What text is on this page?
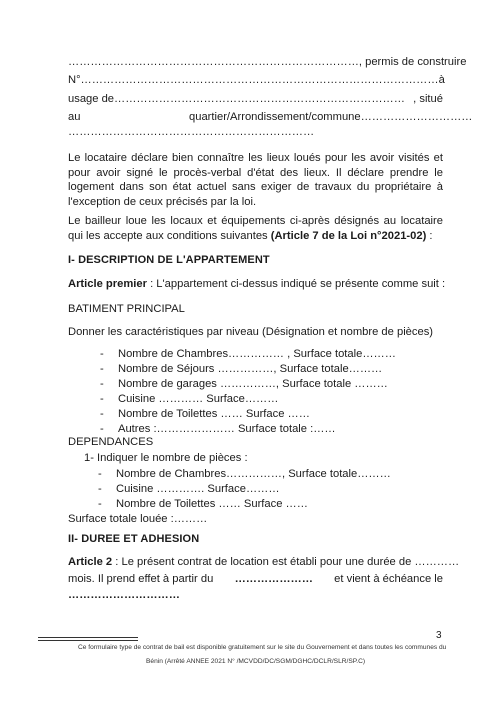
……………………………………………………………………, permis de construire
N°…………………………………………………………………………………… à
usage de…………………………………………………………………… , situé
au	quartier/Arrondissement/commune…………………………
…………………………………………………………
Le locataire déclare bien connaître les lieux loués pour les avoir visités et pour avoir signé le procès-verbal d'état des lieux. Il déclare prendre le logement dans son état actuel sans exiger de travaux du propriétaire à l'exception de ceux précisés par la loi.
Le bailleur loue les locaux et équipements ci-après désignés au locataire qui les accepte aux conditions suivantes (Article 7 de la Loi n°2021-02) :
I- DESCRIPTION DE L'APPARTEMENT
Article premier : L'appartement ci-dessus indiqué se présente comme suit :
BATIMENT PRINCIPAL
Donner les caractéristiques par niveau (Désignation et nombre de pièces)
- Nombre de Chambres…………… , Surface totale………
- Nombre de Séjours ……………, Surface totale………
- Nombre de garages ……………, Surface totale ………
- Cuisine ………… Surface………
- Nombre de Toilettes …… Surface ……
- Autres :………………… Surface totale :……
DEPENDANCES
1- Indiquer le nombre de pièces :
- Nombre de Chambres……………, Surface totale………
- Cuisine …………. Surface………
- Nombre de Toilettes …… Surface ……
Surface totale louée :………
II- DUREE ET ADHESION
Article 2 : Le présent contrat de location est établi pour une durée de …………
mois. Il prend effet à partir du ………………… et vient à échéance le
…………………………
3
Ce formulaire type de contrat de bail est disponible gratuitement sur le site du Gouvernement et dans toutes les communes du
Bénin (Arrêté ANNEE 2021 N° /MCVDD/DC/SGM/DGHC/DCLR/SLR/SP.C)
